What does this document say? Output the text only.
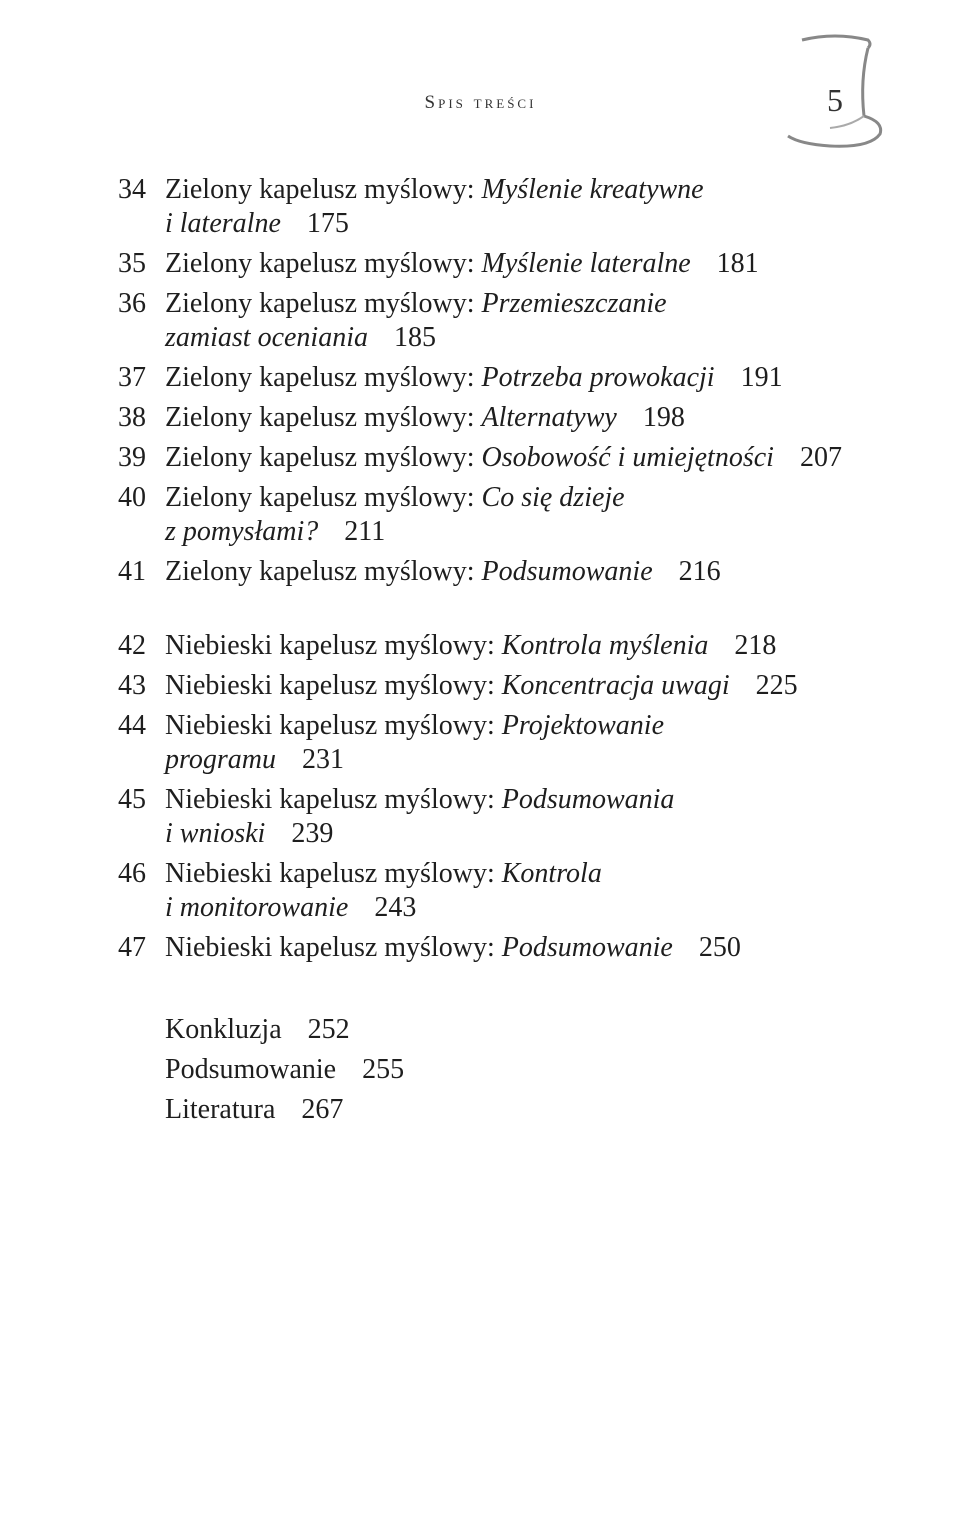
Spis treści	5
34 Zielony kapelusz myślowy: Myślenie kreatywne
i lateralne 175
35 Zielony kapelusz myślowy: Myślenie lateralne 181
36 Zielony kapelusz myślowy: Przemieszczanie
zamiast oceniania 185
37 Zielony kapelusz myślowy: Potrzeba prowokacji 191
38 Zielony kapelusz myślowy: Alternatywy 198
39 Zielony kapelusz myślowy: Osobowość i umiejętności 207
40 Zielony kapelusz myślowy: Co się dzieje
z pomysłami? 211
41 Zielony kapelusz myślowy: Podsumowanie 216
42 Niebieski kapelusz myślowy: Kontrola myślenia 218
43 Niebieski kapelusz myślowy: Koncentracja uwagi 225
44 Niebieski kapelusz myślowy: Projektowanie
programu 231
45 Niebieski kapelusz myślowy: Podsumowania
i wnioski 239
46 Niebieski kapelusz myślowy: Kontrola
i monitorowanie 243
47 Niebieski kapelusz myślowy: Podsumowanie 250
Konkluzja 252
Podsumowanie 255
Literatura 267
